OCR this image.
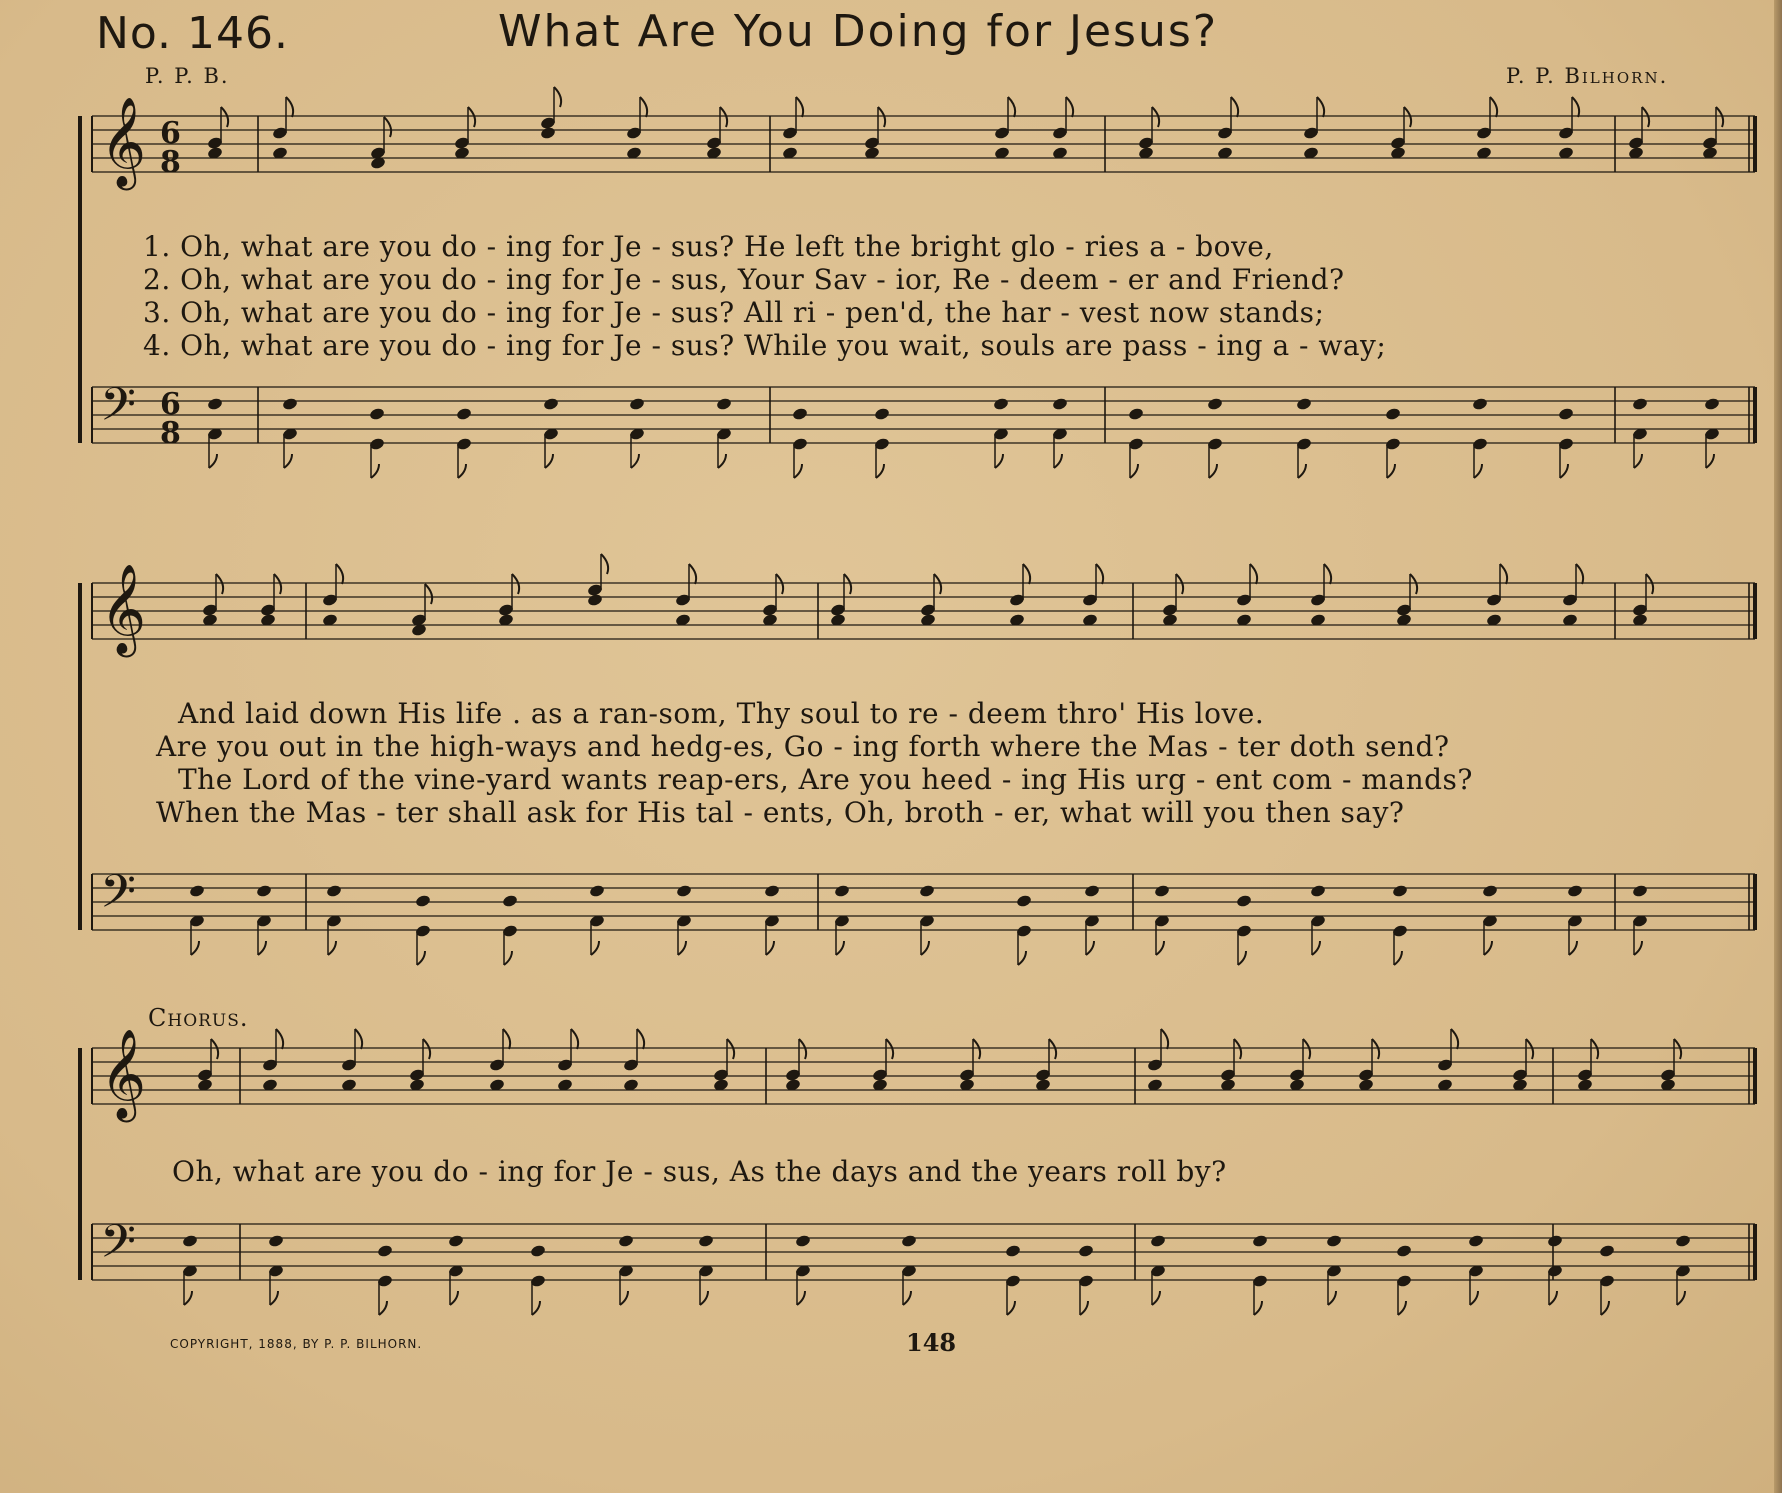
No. 146.	What Are You Doing for Jesus?
P. P. B.	P. P. Bilhorn.
𝄞 6
8
𝄢 6
8
𝄞
𝄢
𝄞
𝄢
1. Oh, what are you do - ing for Je - sus? He left the bright glo - ries a - bove,
2. Oh, what are you do - ing for Je - sus, Your Sav - ior, Re - deem - er and Friend?
3. Oh, what are you do - ing for Je - sus? All ri - pen'd, the har - vest now stands;
4. Oh, what are you do - ing for Je - sus? While you wait, souls are pass - ing a - way;
And laid down His life . as a ran-som, Thy soul to re - deem thro' His love.
Are you out in the high-ways and hedg-es, Go - ing forth where the Mas - ter doth send?
The Lord of the vine-yard wants reap-ers, Are you heed - ing His urg - ent com - mands?
When the Mas - ter shall ask for His tal - ents, Oh, broth - er, what will you then say?
Chorus.
Oh, what are you do - ing for Je - sus, As the days and the years roll by?
COPYRIGHT, 1888, BY P. P. BILHORN.	148
